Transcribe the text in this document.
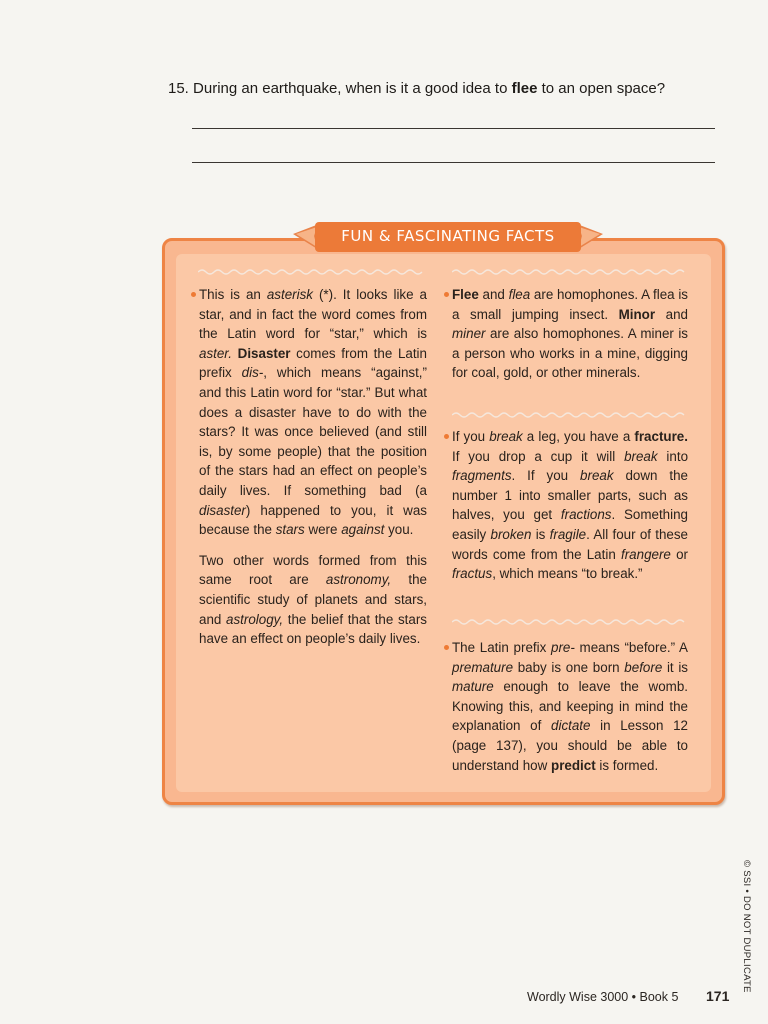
15. During an earthquake, when is it a good idea to flee to an open space?
FUN & FASCINATING FACTS

This is an asterisk (*). It looks like a star, and in fact the word comes from the Latin word for “star,” which is aster. Disaster comes from the Latin prefix dis-, which means “against,” and this Latin word for “star.” But what does a disaster have to do with the stars? It was once believed (and still is, by some people) that the position of the stars had an effect on people’s daily lives. If something bad (a disaster) happened to you, it was because the stars were against you.

Two other words formed from this same root are astronomy, the scientific study of planets and stars, and astrology, the belief that the stars have an effect on people’s daily lives.

Flee and flea are homophones. A flea is a small jumping insect. Minor and miner are also homophones. A miner is a person who works in a mine, digging for coal, gold, or other minerals.

If you break a leg, you have a fracture. If you drop a cup it will break into fragments. If you break down the number 1 into smaller parts, such as halves, you get fractions. Something easily broken is fragile. All four of these words come from the Latin frangere or fractus, which means “to break.”

The Latin prefix pre- means “before.” A premature baby is one born before it is mature enough to leave the womb. Knowing this, and keeping in mind the explanation of dictate in Lesson 12 (page 137), you should be able to understand how predict is formed.

© SSI • DO NOT DUPLICATE
Wordly Wise 3000 • Book 5 171
